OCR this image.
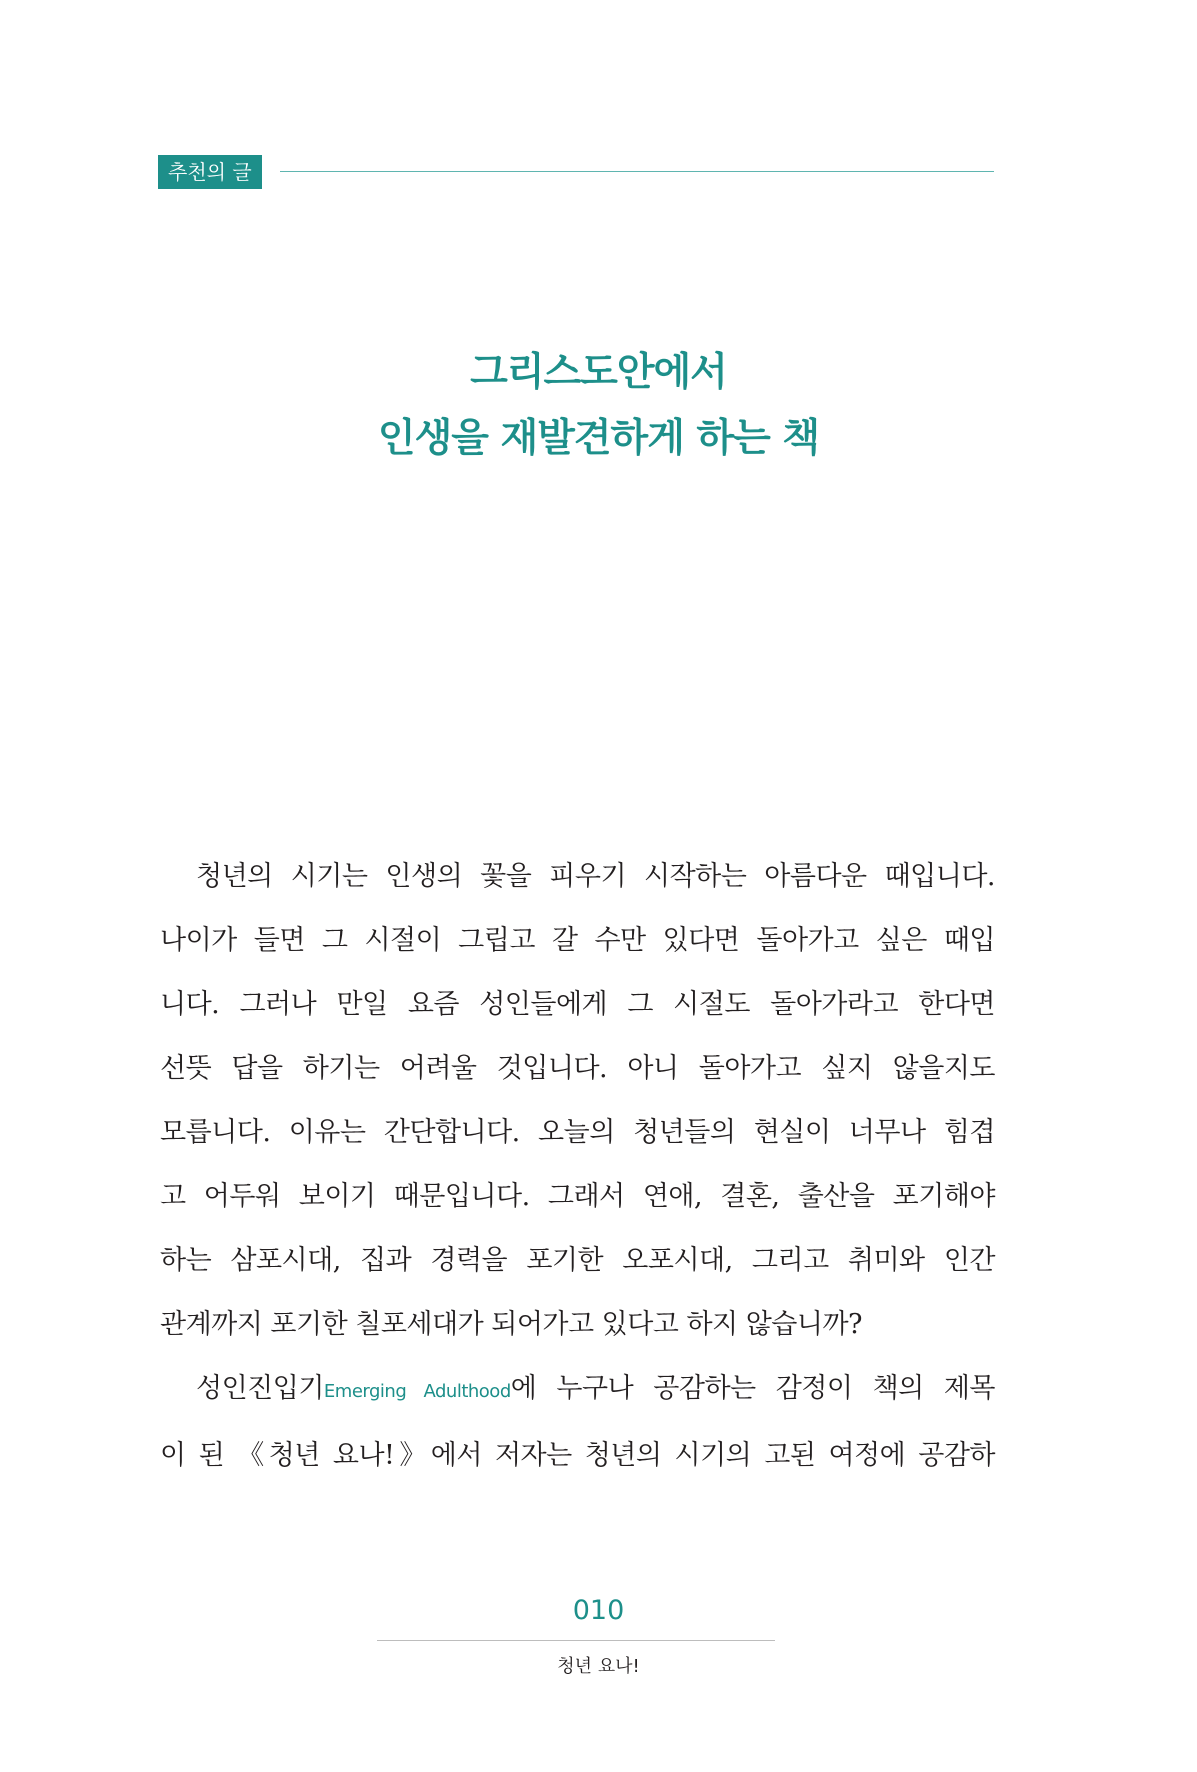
추천의 글
그리스도안에서
인생을 재발견하게 하는 책

청년의 시기는 인생의 꽃을 피우기 시작하는 아름다운 때입니다.
나이가 들면 그 시절이 그립고 갈 수만 있다면 돌아가고 싶은 때입
니다. 그러나 만일 요즘 성인들에게 그 시절도 돌아가라고 한다면
선뜻 답을 하기는 어려울 것입니다. 아니 돌아가고 싶지 않을지도
모릅니다. 이유는 간단합니다. 오늘의 청년들의 현실이 너무나 힘겹
고 어두워 보이기 때문입니다. 그래서 연애, 결혼, 출산을 포기해야
하는 삼포시대, 집과 경력을 포기한 오포시대, 그리고 취미와 인간
관계까지 포기한 칠포세대가 되어가고 있다고 하지 않습니까?

성인진입기Emerging Adulthood에 누구나 공감하는 감정이 책의 제목
이 된 《청년 요나!》에서 저자는 청년의 시기의 고된 여정에 공감하

010
청년 요나!
